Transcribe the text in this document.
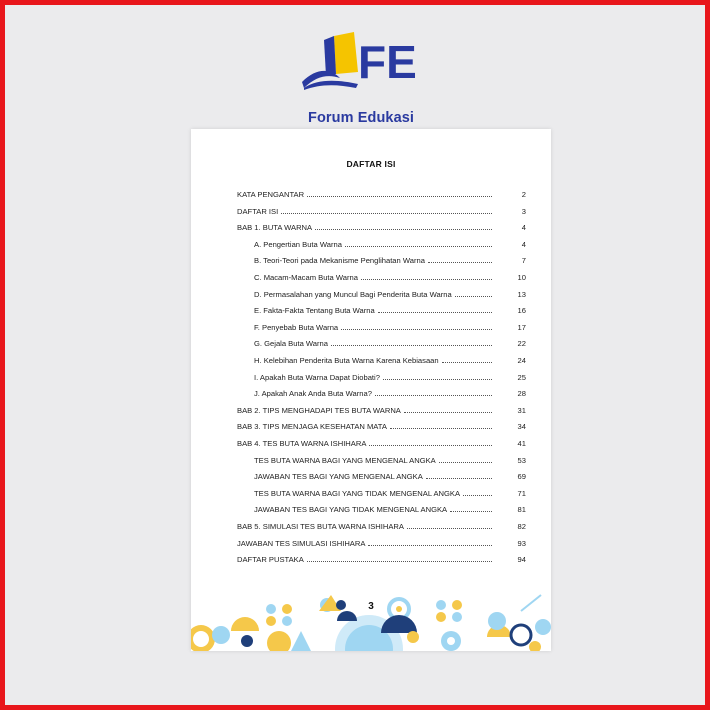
FE
Forum Edukasi
DAFTAR ISI
KATA PENGANTAR	2
DAFTAR ISI	3
BAB 1. BUTA WARNA	4
A. Pengertian Buta Warna	4
B. Teori-Teori pada Mekanisme Penglihatan Warna	7
C. Macam-Macam Buta Warna	10
D. Permasalahan yang Muncul Bagi Penderita Buta Warna	13
E. Fakta-Fakta Tentang Buta Warna	16
F. Penyebab Buta Warna	17
G. Gejala Buta Warna	22
H. Kelebihan Penderita Buta Warna Karena Kebiasaan	24
I. Apakah Buta Warna Dapat Diobati?	25
J. Apakah Anak Anda Buta Warna?	28
BAB 2. TIPS MENGHADAPI TES BUTA WARNA	31
BAB 3. TIPS MENJAGA KESEHATAN MATA	34
BAB 4. TES BUTA WARNA ISHIHARA	41
TES BUTA WARNA BAGI YANG MENGENAL ANGKA	53
JAWABAN TES BAGI YANG MENGENAL ANGKA	69
TES BUTA WARNA BAGI YANG TIDAK MENGENAL ANGKA	71
JAWABAN TES BAGI YANG TIDAK MENGENAL ANGKA	81
BAB 5. SIMULASI TES BUTA WARNA ISHIHARA	82
JAWABAN TES SIMULASI ISHIHARA	93
DAFTAR PUSTAKA	94
3
